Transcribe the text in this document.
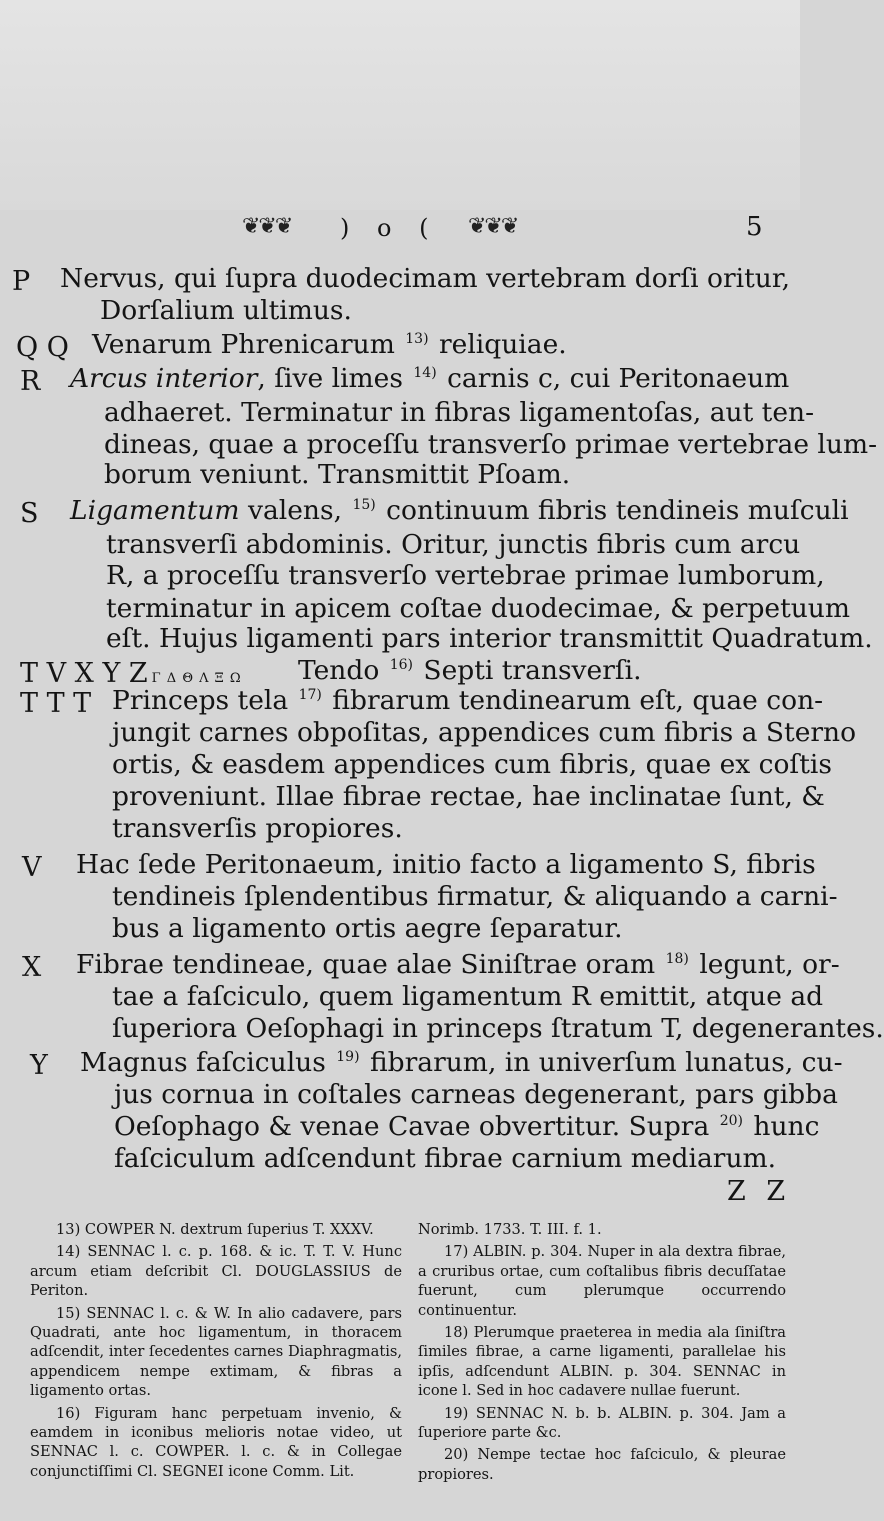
❦❦❦ ) o ( ❦❦❦	5
P Nervus, qui ſupra duodecimam vertebram dorſi oritur,
Dorſalium ultimus.
Q Q Venarum Phrenicarum $^{13)}$ reliquiae.
R Arcus interior, ſive limes $^{14)}$ carnis c, cui Peritonaeum
adhaeret. Terminatur in fibras ligamentoſas, aut ten-
dineas, quae a proceſſu transverſo primae vertebrae lum-
borum veniunt. Transmittit Pſoam.
S Ligamentum valens, $^{15)}$ continuum fibris tendineis muſculi
transverſi abdominis. Oritur, junctis fibris cum arcu
R, a proceſſu transverſo vertebrae primae lumborum,
terminatur in apicem coſtae duodecimae, & perpetuum
eſt. Hujus ligamenti pars interior transmittit Quadratum.
T V X Y Z Γ Δ Θ Λ Ξ Ω Tendo $^{16)}$ Septi transverſi.
T T T Princeps tela $^{17)}$ fibrarum tendinearum eſt, quae con-
jungit carnes obpoſitas, appendices cum fibris a Sterno
ortis, & easdem appendices cum fibris, quae ex coſtis
proveniunt. Illae fibrae rectae, hae inclinatae ſunt, &
transverſis propiores.
V Hac ſede Peritonaeum, initio facto a ligamento S, fibris
tendineis ſplendentibus firmatur, & aliquando a carni-
bus a ligamento ortis aegre ſeparatur.
X Fibrae tendineae, quae alae Siniſtrae oram $^{18)}$ legunt, or-
tae a faſciculo, quem ligamentum R emittit, atque ad
ſuperiora Oeſophagi in princeps ſtratum T, degenerantes.
Y Magnus faſciculus $^{19)}$ fibrarum, in univerſum lunatus, cu-
jus cornua in coſtales carneas degenerant, pars gibba
Oeſophago & venae Cavae obvertitur. Supra $^{20)}$ hunc
faſciculum adſcendunt fibrae carnium mediarum.
Z Z

13) COWPER N. dextrum ſuperius T. XXXV.

14) SENNAC l. c. p. 168. & ic. T. T. V. Hunc arcum etiam deſcribit Cl. DOUGLASSIUS de Periton.

15) SENNAC l. c. & W. In alio cadavere, pars Quadrati, ante hoc ligamentum, in thoracem adſcendit, inter ſecedentes carnes Diaphragmatis, appendicem nempe extimam, & fibras a ligamento ortas.

16) Figuram hanc perpetuam invenio, & eamdem in iconibus melioris notae video, ut SENNAC l. c. COWPER. l. c. & in Collegae conjunctiſſimi Cl. SEGNEI icone Comm. Lit.

Norimb. 1733. T. III. f. 1.

17) ALBIN. p. 304. Nuper in ala dextra fibrae, a cruribus ortae, cum coſtalibus fibris decuſſatae fuerunt, cum plerumque occurrendo continuentur.

18) Plerumque praeterea in media ala ſiniſtra ſimiles fibrae, a carne ligamenti, parallelae his ipſis, adſcendunt ALBIN. p. 304. SENNAC in icone l. Sed in hoc cadavere nullae fuerunt.

19) SENNAC N. b. b. ALBIN. p. 304. Jam a ſuperiore parte &c.

20) Nempe tectae hoc faſciculo, & pleurae propiores.
